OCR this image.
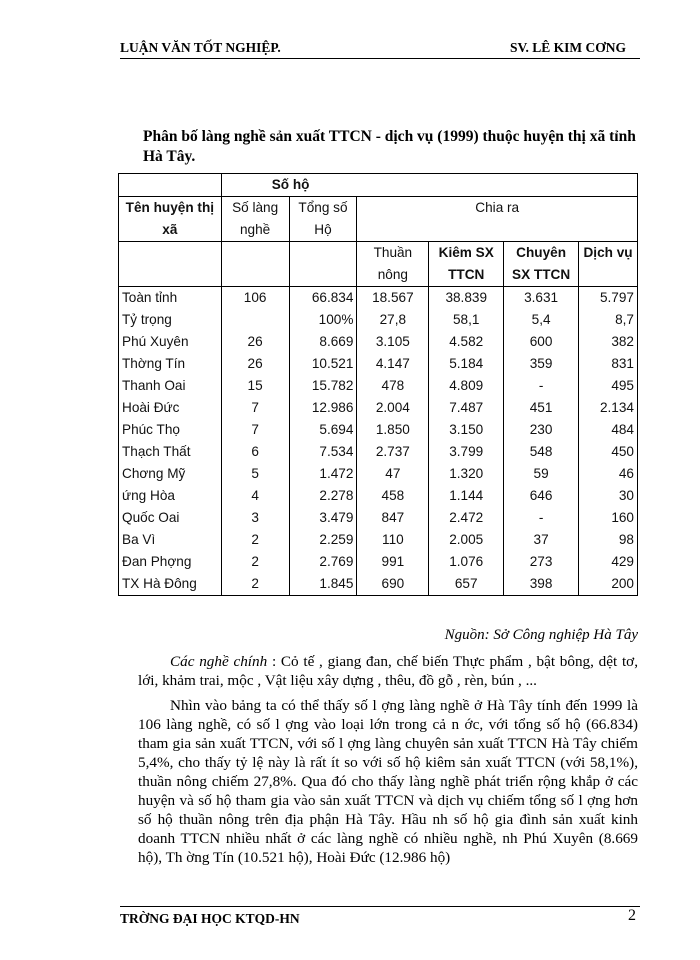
LUẬN VĂN TỐT NGHIỆP.	SV. LÊ KIM CƠNG
Phân bố làng nghề sản xuất TTCN - dịch vụ (1999) thuộc huyện thị xã tỉnh Hà Tây.
	Số hộ					
Tên huyện thị xã	Số làng nghề	Tổng số Hộ	Chia ra			
			Thuần nông	Kiêm SX TTCN	Chuyên SX TTCN	Dịch vụ
Toàn tỉnh	106	66.834	18.567	38.839	3.631	5.797
Tỷ trọng		100%	27,8	58,1	5,4	8,7
Phú Xuyên	26	8.669	3.105	4.582	600	382
Thờng Tín	26	10.521	4.147	5.184	359	831
Thanh Oai	15	15.782	478	4.809	-	495
Hoài Đức	7	12.986	2.004	7.487	451	2.134
Phúc Thọ	7	5.694	1.850	3.150	230	484
Thạch Thất	6	7.534	2.737	3.799	548	450
Chơng Mỹ	5	1.472	47	1.320	59	46
ứng Hòa	4	2.278	458	1.144	646	30
Quốc Oai	3	3.479	847	2.472	-	160
Ba Vì	2	2.259	110	2.005	37	98
Đan Phợng	2	2.769	991	1.076	273	429
TX Hà Đông	2	1.845	690	657	398	200
Nguồn: Sở Công nghiệp Hà Tây
Các nghề chính : Cỏ tế , giang đan, chế biến Thực phẩm , bật bông, dệt tơ, lới, khảm trai, mộc , Vật liệu xây dựng , thêu, đồ gỗ , rèn, bún , ...
Nhìn vào bảng ta có thể thấy số l ợng làng nghề ở Hà Tây tính đến 1999 là 106 làng nghề, có số l ợng vào loại lớn trong cả n ớc, với tổng số hộ (66.834) tham gia sản xuất TTCN, với số l ợng làng chuyên sản xuất TTCN Hà Tây chiếm 5,4%, cho thấy tỷ lệ này là rất ít so với số hộ kiêm sản xuất TTCN (với 58,1%), thuần nông chiếm 27,8%. Qua đó cho thấy làng nghề phát triển rộng khắp ở các huyện và số hộ tham gia vào sản xuất TTCN và dịch vụ chiếm tổng số l ợng hơn số hộ thuần nông trên địa phận Hà Tây. Hầu nh số hộ gia đình sản xuất kinh doanh TTCN nhiều nhất ở các làng nghề có nhiều nghề, nh Phú Xuyên (8.669 hộ), Th ờng Tín (10.521 hộ), Hoài Đức (12.986 hộ)
TRỜNG ĐẠI HỌC KTQD-HN	2
